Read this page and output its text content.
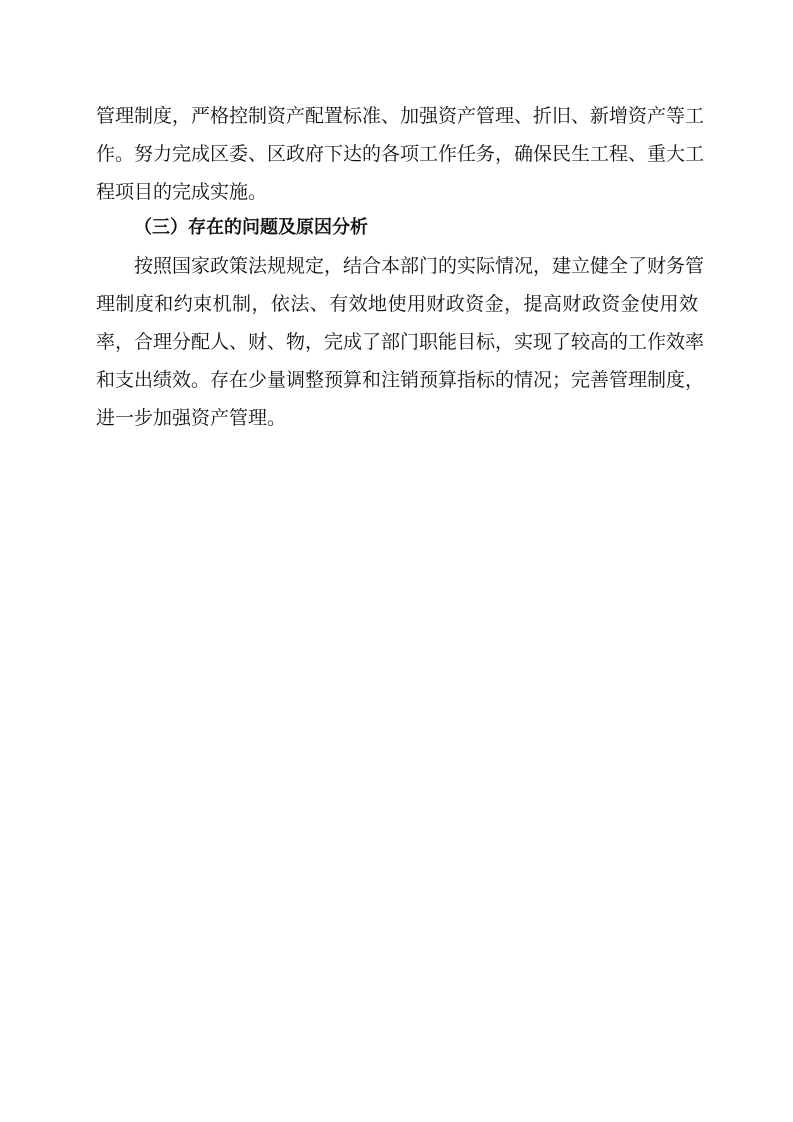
管理制度，严格控制资产配置标准、加强资产管理、折旧、新增资产等工
作。努力完成区委、区政府下达的各项工作任务，确保民生工程、重大工
程项目的完成实施。
（三）存在的问题及原因分析
按照国家政策法规规定，结合本部门的实际情况，建立健全了财务管
理制度和约束机制，依法、有效地使用财政资金，提高财政资金使用效
率，合理分配人、财、物，完成了部门职能目标，实现了较高的工作效率
和支出绩效。存在少量调整预算和注销预算指标的情况；完善管理制度，
进一步加强资产管理。
